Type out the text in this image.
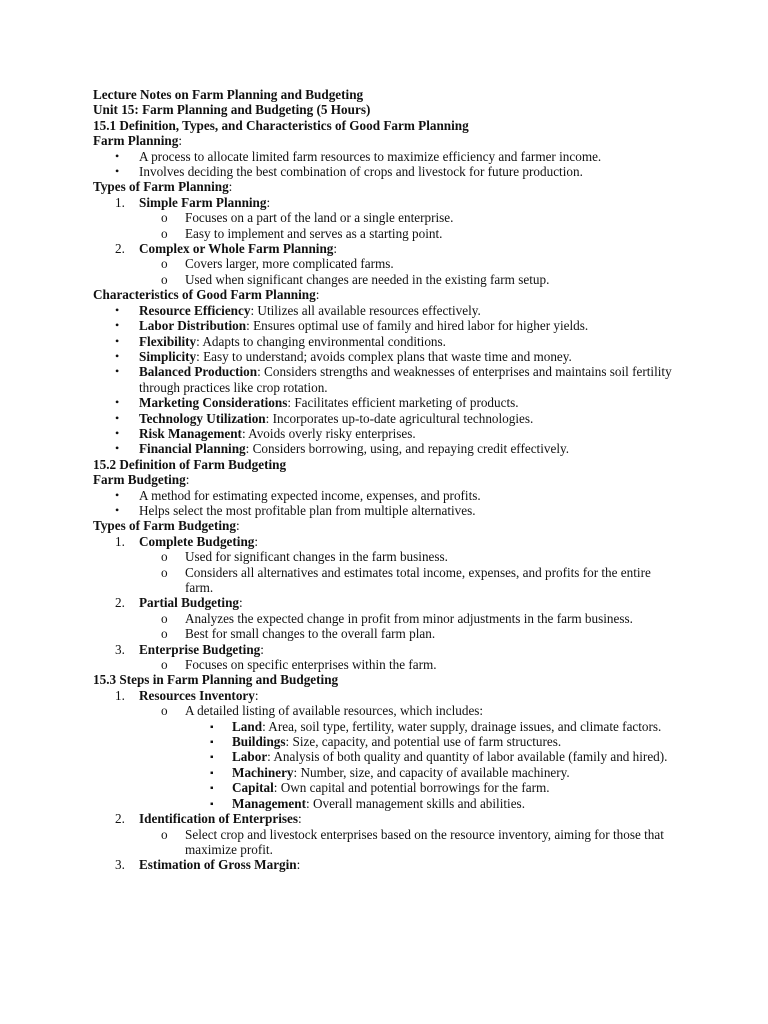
Lecture Notes on Farm Planning and Budgeting
Unit 15: Farm Planning and Budgeting (5 Hours)
15.1 Definition, Types, and Characteristics of Good Farm Planning
Farm Planning:
• A process to allocate limited farm resources to maximize efficiency and farmer income.
• Involves deciding the best combination of crops and livestock for future production.
Types of Farm Planning:
1. Simple Farm Planning:
o Focuses on a part of the land or a single enterprise.
o Easy to implement and serves as a starting point.
2. Complex or Whole Farm Planning:
o Covers larger, more complicated farms.
o Used when significant changes are needed in the existing farm setup.
Characteristics of Good Farm Planning:
• Resource Efficiency: Utilizes all available resources effectively.
• Labor Distribution: Ensures optimal use of family and hired labor for higher yields.
• Flexibility: Adapts to changing environmental conditions.
• Simplicity: Easy to understand; avoids complex plans that waste time and money.
• Balanced Production: Considers strengths and weaknesses of enterprises and maintains soil fertility through practices like crop rotation.
• Marketing Considerations: Facilitates efficient marketing of products.
• Technology Utilization: Incorporates up-to-date agricultural technologies.
• Risk Management: Avoids overly risky enterprises.
• Financial Planning: Considers borrowing, using, and repaying credit effectively.
15.2 Definition of Farm Budgeting
Farm Budgeting:
• A method for estimating expected income, expenses, and profits.
• Helps select the most profitable plan from multiple alternatives.
Types of Farm Budgeting:
1. Complete Budgeting:
o Used for significant changes in the farm business.
o Considers all alternatives and estimates total income, expenses, and profits for the entire farm.
2. Partial Budgeting:
o Analyzes the expected change in profit from minor adjustments in the farm business.
o Best for small changes to the overall farm plan.
3. Enterprise Budgeting:
o Focuses on specific enterprises within the farm.
15.3 Steps in Farm Planning and Budgeting
1. Resources Inventory:
o A detailed listing of available resources, which includes:
▪ Land: Area, soil type, fertility, water supply, drainage issues, and climate factors.
▪ Buildings: Size, capacity, and potential use of farm structures.
▪ Labor: Analysis of both quality and quantity of labor available (family and hired).
▪ Machinery: Number, size, and capacity of available machinery.
▪ Capital: Own capital and potential borrowings for the farm.
▪ Management: Overall management skills and abilities.
2. Identification of Enterprises:
o Select crop and livestock enterprises based on the resource inventory, aiming for those that maximize profit.
3. Estimation of Gross Margin:
